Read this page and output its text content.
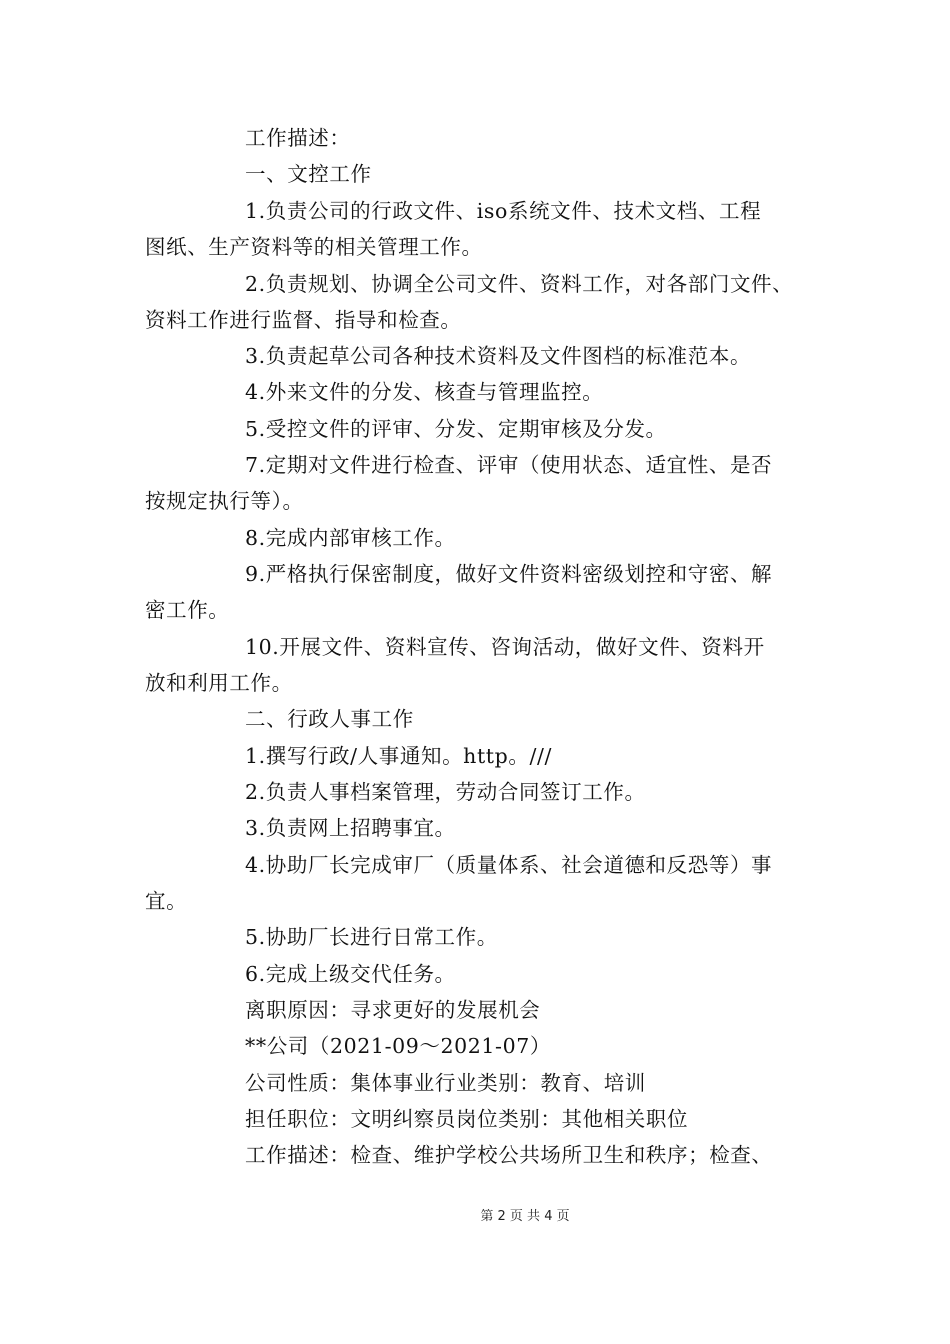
工作描述：
一、文控工作
1.负责公司的行政文件、iso系统文件、技术文档、工程
图纸、生产资料等的相关管理工作。
2.负责规划、协调全公司文件、资料工作，对各部门文件、
资料工作进行监督、指导和检查。
3.负责起草公司各种技术资料及文件图档的标准范本。
4.外来文件的分发、核查与管理监控。
5.受控文件的评审、分发、定期审核及分发。
7.定期对文件进行检查、评审（使用状态、适宜性、是否
按规定执行等）。
8.完成内部审核工作。
9.严格执行保密制度，做好文件资料密级划控和守密、解
密工作。
10.开展文件、资料宣传、咨询活动，做好文件、资料开
放和利用工作。
二、行政人事工作
1.撰写行政/人事通知。http。///
2.负责人事档案管理，劳动合同签订工作。
3.负责网上招聘事宜。
4.协助厂长完成审厂（质量体系、社会道德和反恐等）事
宜。
5.协助厂长进行日常工作。
6.完成上级交代任务。
离职原因：寻求更好的发展机会
**公司（2021-09～2021-07）
公司性质：集体事业行业类别：教育、培训
担任职位：文明纠察员岗位类别：其他相关职位
工作描述：检查、维护学校公共场所卫生和秩序；检查、
第 2 页 共 4 页
